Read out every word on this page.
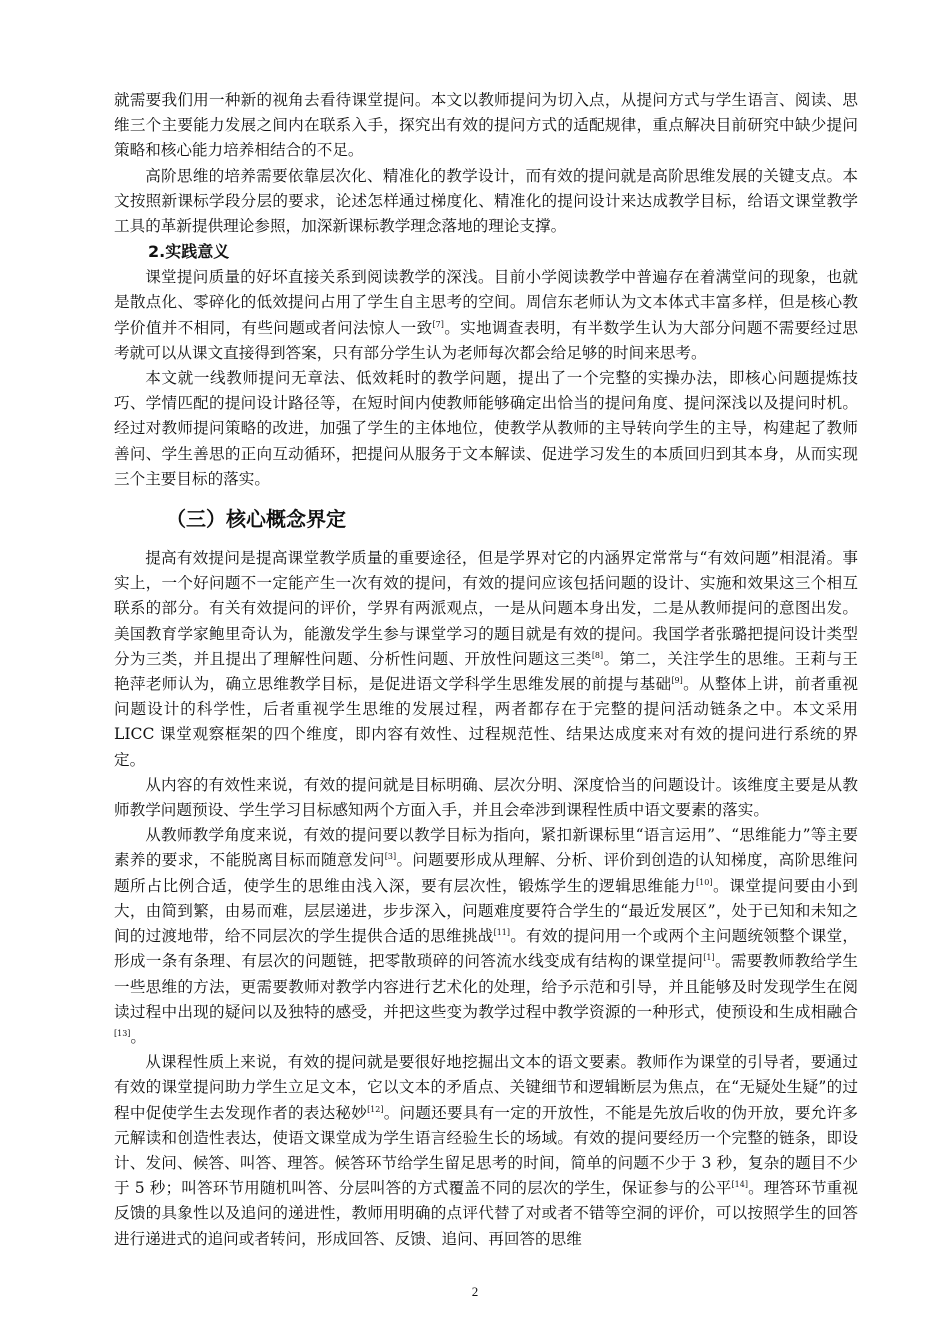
就需要我们用一种新的视角去看待课堂提问。本文以教师提问为切入点，从提问方式与学生语言、阅读、思维三个主要能力发展之间内在联系入手，探究出有效的提问方式的适配规律，重点解决目前研究中缺少提问策略和核心能力培养相结合的不足。

高阶思维的培养需要依靠层次化、精准化的教学设计，而有效的提问就是高阶思维发展的关键支点。本文按照新课标学段分层的要求，论述怎样通过梯度化、精准化的提问设计来达成教学目标，给语文课堂教学工具的革新提供理论参照，加深新课标教学理念落地的理论支撑。

2.实践意义

课堂提问质量的好坏直接关系到阅读教学的深浅。目前小学阅读教学中普遍存在着满堂问的现象，也就是散点化、零碎化的低效提问占用了学生自主思考的空间。周信东老师认为文本体式丰富多样，但是核心教学价值并不相同，有些问题或者问法惊人一致[7]。实地调查表明，有半数学生认为大部分问题不需要经过思考就可以从课文直接得到答案，只有部分学生认为老师每次都会给足够的时间来思考。

本文就一线教师提问无章法、低效耗时的教学问题，提出了一个完整的实操办法，即核心问题提炼技巧、学情匹配的提问设计路径等，在短时间内使教师能够确定出恰当的提问角度、提问深浅以及提问时机。经过对教师提问策略的改进，加强了学生的主体地位，使教学从教师的主导转向学生的主导，构建起了教师善问、学生善思的正向互动循环，把提问从服务于文本解读、促进学习发生的本质回归到其本身，从而实现三个主要目标的落实。

（三）核心概念界定

提高有效提问是提高课堂教学质量的重要途径，但是学界对它的内涵界定常常与“有效问题”相混淆。事实上，一个好问题不一定能产生一次有效的提问，有效的提问应该包括问题的设计、实施和效果这三个相互联系的部分。有关有效提问的评价，学界有两派观点，一是从问题本身出发，二是从教师提问的意图出发。美国教育学家鲍里奇认为，能激发学生参与课堂学习的题目就是有效的提问。我国学者张璐把提问设计类型分为三类，并且提出了理解性问题、分析性问题、开放性问题这三类[8]。第二，关注学生的思维。王莉与王艳萍老师认为，确立思维教学目标，是促进语文学科学生思维发展的前提与基础[9]。从整体上讲，前者重视问题设计的科学性，后者重视学生思维的发展过程，两者都存在于完整的提问活动链条之中。本文采用 LICC 课堂观察框架的四个维度，即内容有效性、过程规范性、结果达成度来对有效的提问进行系统的界定。

从内容的有效性来说，有效的提问就是目标明确、层次分明、深度恰当的问题设计。该维度主要是从教师教学问题预设、学生学习目标感知两个方面入手，并且会牵涉到课程性质中语文要素的落实。

从教师教学角度来说，有效的提问要以教学目标为指向，紧扣新课标里“语言运用”、“思维能力”等主要素养的要求，不能脱离目标而随意发问[3]。问题要形成从理解、分析、评价到创造的认知梯度，高阶思维问题所占比例合适，使学生的思维由浅入深，要有层次性，锻炼学生的逻辑思维能力[10]。课堂提问要由小到大，由简到繁，由易而难，层层递进，步步深入，问题难度要符合学生的“最近发展区”，处于已知和未知之间的过渡地带，给不同层次的学生提供合适的思维挑战[11]。有效的提问用一个或两个主问题统领整个课堂，形成一条有条理、有层次的问题链，把零散琐碎的问答流水线变成有结构的课堂提问[1]。需要教师教给学生一些思维的方法，更需要教师对教学内容进行艺术化的处理，给予示范和引导，并且能够及时发现学生在阅读过程中出现的疑问以及独特的感受，并把这些变为教学过程中教学资源的一种形式，使预设和生成相融合[13]。

从课程性质上来说，有效的提问就是要很好地挖掘出文本的语文要素。教师作为课堂的引导者，要通过有效的课堂提问助力学生立足文本，它以文本的矛盾点、关键细节和逻辑断层为焦点，在“无疑处生疑”的过程中促使学生去发现作者的表达秘妙[12]。问题还要具有一定的开放性，不能是先放后收的伪开放，要允许多元解读和创造性表达，使语文课堂成为学生语言经验生长的场域。有效的提问要经历一个完整的链条，即设计、发问、候答、叫答、理答。候答环节给学生留足思考的时间，简单的问题不少于 3 秒，复杂的题目不少于 5 秒；叫答环节用随机叫答、分层叫答的方式覆盖不同的层次的学生，保证参与的公平[14]。理答环节重视反馈的具象性以及追问的递进性，教师用明确的点评代替了对或者不错等空洞的评价，可以按照学生的回答进行递进式的追问或者转问，形成回答、反馈、追问、再回答的思维

2
